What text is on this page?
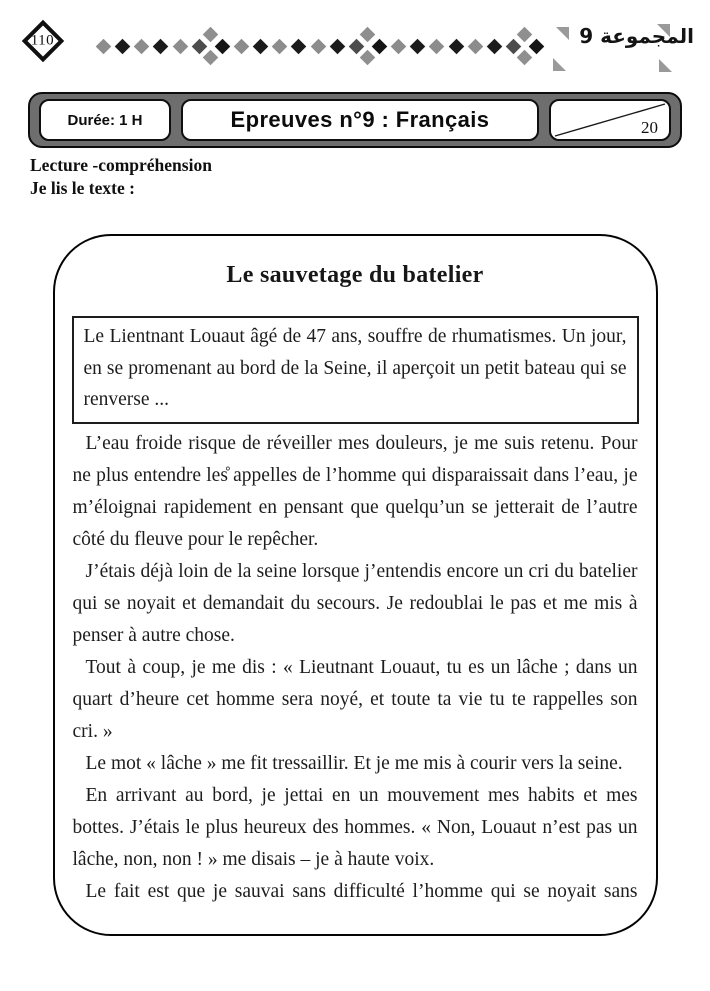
110	المجموعة 9
Durée: 1 H	Epreuves n°9 : Français	20

Lecture -compréhension

Je lis le texte :

Le sauvetage du batelier

Le Lientnant Louaut âgé de 47 ans, souffre de rhumatismes. Un jour, en se promenant au bord de la Seine, il aperçoit un petit bateau qui se renverse ...

L’eau froide risque de réveiller mes douleurs, je me suis retenu. Pour ne plus entendre les̊ appelles de l’homme qui disparaissait dans l’eau, je m’éloignai rapidement en pensant que quelqu’un se jetterait de l’autre côté du fleuve pour le repêcher.

J’étais déjà loin de la seine lorsque j’entendis encore un cri du batelier qui se noyait et demandait du secours. Je redoublai le pas et me mis à penser à autre chose.

Tout à coup, je me dis : « Lieutnant Louaut, tu es un lâche ; dans un quart d’heure cet homme sera noyé, et toute ta vie tu te rappelles son cri. »

Le mot « lâche » me fit tressaillir. Et je me mis à courir vers la seine.

En arrivant au bord, je jettai en un mouvement mes habits et mes bottes. J’étais le plus heureux des hommes. « Non, Louaut n’est pas un lâche, non, non ! » me disais – je à haute voix.

Le fait est que je sauvai sans difficulté l’homme qui se noyait sans
